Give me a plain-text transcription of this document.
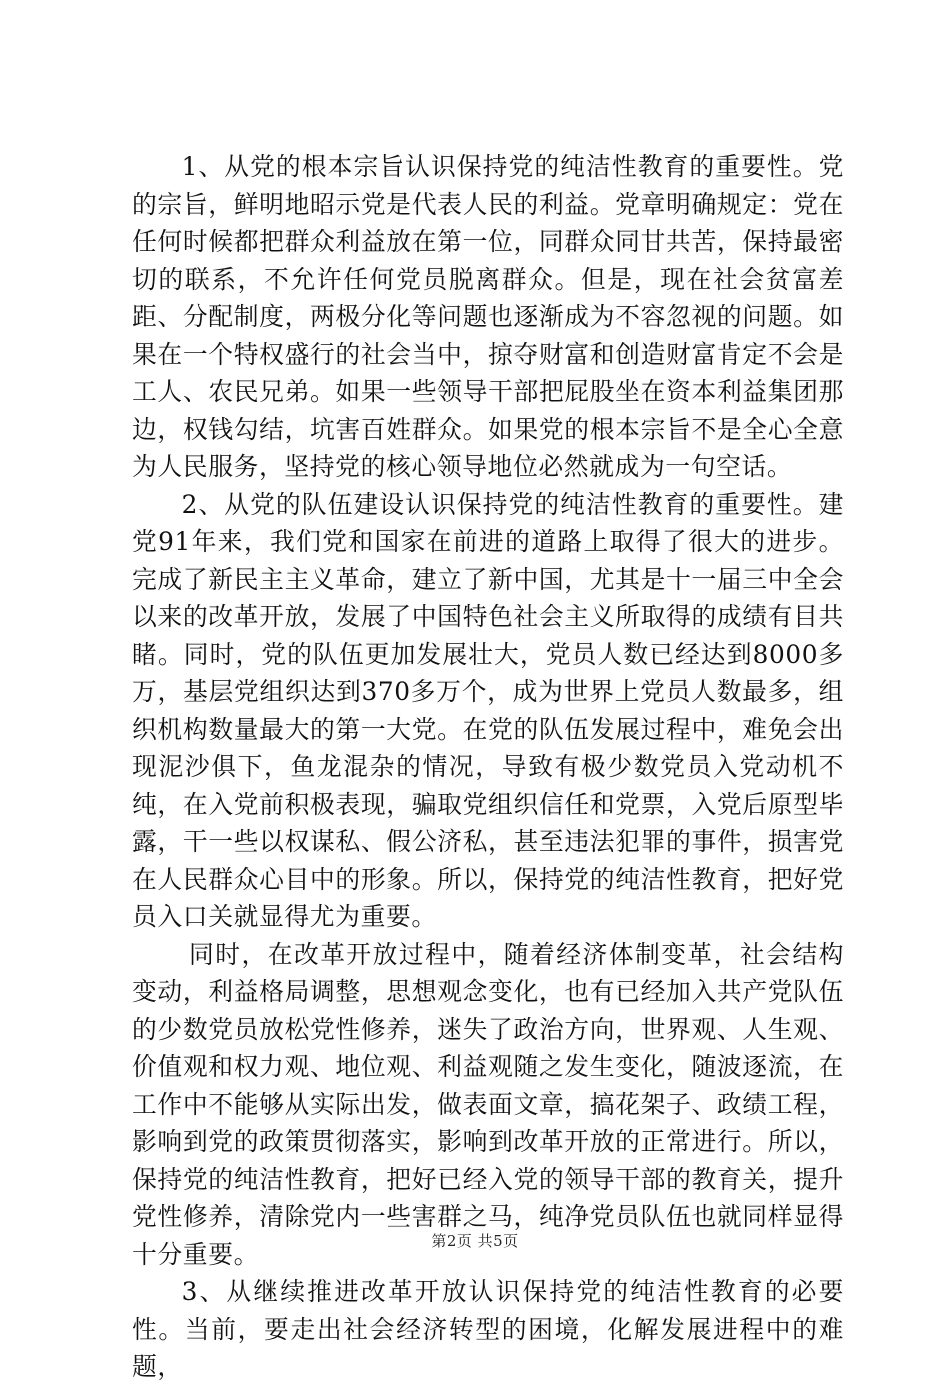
1、从党的根本宗旨认识保持党的纯洁性教育的重要性。党的宗旨，鲜明地昭示党是代表人民的利益。党章明确规定：党在任何时候都把群众利益放在第一位，同群众同甘共苦，保持最密切的联系，不允许任何党员脱离群众。但是，现在社会贫富差距、分配制度，两极分化等问题也逐渐成为不容忽视的问题。如果在一个特权盛行的社会当中，掠夺财富和创造财富肯定不会是工人、农民兄弟。如果一些领导干部把屁股坐在资本利益集团那边，权钱勾结，坑害百姓群众。如果党的根本宗旨不是全心全意为人民服务，坚持党的核心领导地位必然就成为一句空话。

2、从党的队伍建设认识保持党的纯洁性教育的重要性。建党91年来，我们党和国家在前进的道路上取得了很大的进步。完成了新民主主义革命，建立了新中国，尤其是十一届三中全会以来的改革开放，发展了中国特色社会主义所取得的成绩有目共睹。同时，党的队伍更加发展壮大，党员人数已经达到8000多万，基层党组织达到370多万个，成为世界上党员人数最多，组织机构数量最大的第一大党。在党的队伍发展过程中，难免会出现泥沙俱下，鱼龙混杂的情况，导致有极少数党员入党动机不纯，在入党前积极表现，骗取党组织信任和党票，入党后原型毕露，干一些以权谋私、假公济私，甚至违法犯罪的事件，损害党在人民群众心目中的形象。所以，保持党的纯洁性教育，把好党员入口关就显得尤为重要。

同时，在改革开放过程中，随着经济体制变革，社会结构变动，利益格局调整，思想观念变化，也有已经加入共产党队伍的少数党员放松党性修养，迷失了政治方向，世界观、人生观、价值观和权力观、地位观、利益观随之发生变化，随波逐流，在工作中不能够从实际出发，做表面文章，搞花架子、政绩工程，影响到党的政策贯彻落实，影响到改革开放的正常进行。所以，保持党的纯洁性教育，把好已经入党的领导干部的教育关，提升党性修养，清除党内一些害群之马，纯净党员队伍也就同样显得十分重要。

3、从继续推进改革开放认识保持党的纯洁性教育的必要性。当前，要走出社会经济转型的困境，化解发展进程中的难题，

第2页 共5页
